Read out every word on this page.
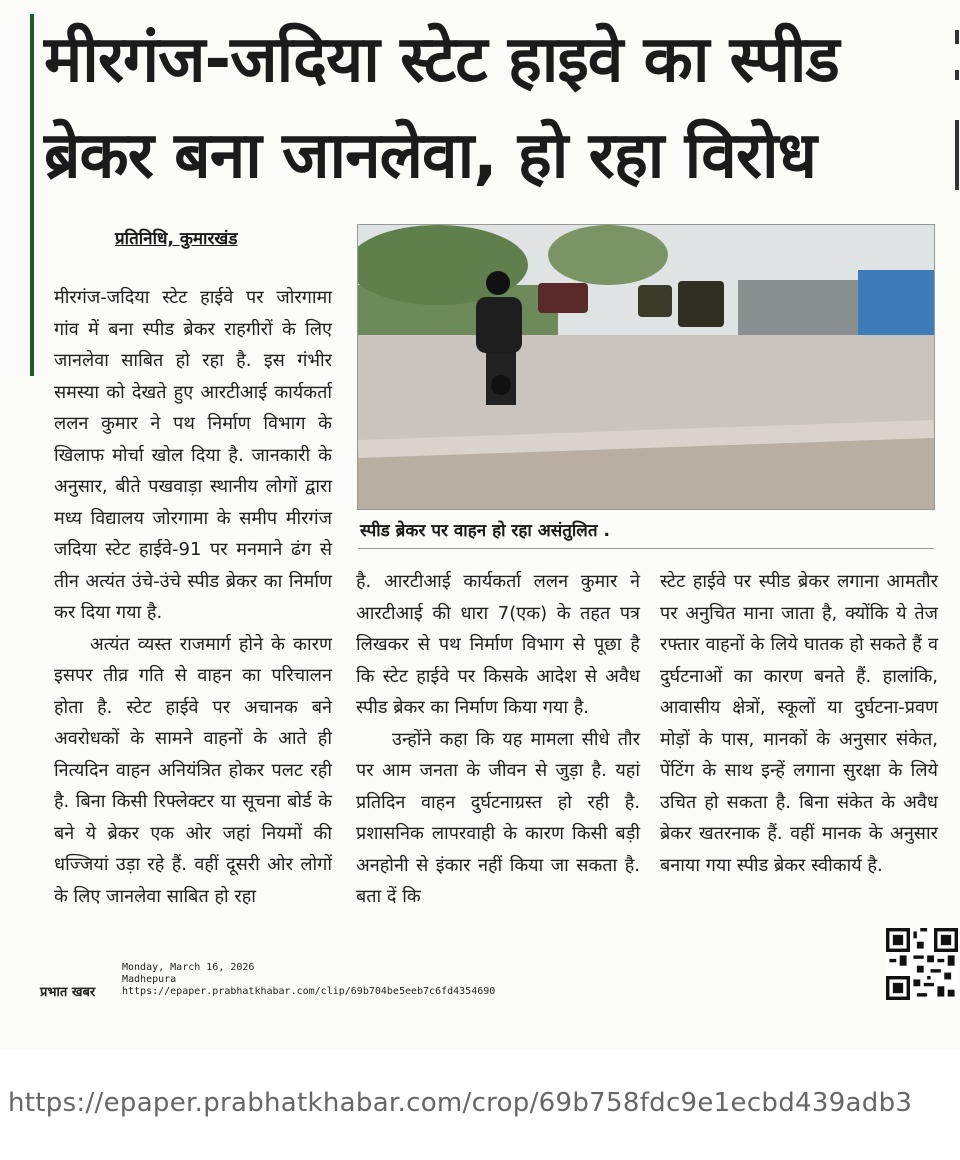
मीरगंज-जदिया स्टेट हाइवे का स्पीड
ब्रेकर बना जानलेवा, हो रहा विरोध
प्रतिनिधि, कुमारखंड

मीरगंज-जदिया स्टेट हाईवे पर जोरगामा गांव में बना स्पीड ब्रेकर राहगीरों के लिए जानलेवा साबित हो रहा है. इस गंभीर समस्या को देखते हुए आरटीआई कार्यकर्ता ललन कुमार ने पथ निर्माण विभाग के खिलाफ मोर्चा खोल दिया है. जानकारी के अनुसार, बीते पखवाड़ा स्थानीय लोगों द्वारा मध्य विद्यालय जोरगामा के समीप मीरगंज जदिया स्टेट हाईवे-91 पर मनमाने ढंग से तीन अत्यंत उंचे-उंचे स्पीड ब्रेकर का निर्माण कर दिया गया है.

अत्यंत व्यस्त राजमार्ग होने के कारण इसपर तीव्र गति से वाहन का परिचालन होता है. स्टेट हाईवे पर अचानक बने अवरोधकों के सामने वाहनों के आते ही नित्यदिन वाहन अनियंत्रित होकर पलट रही है. बिना किसी रिफ्लेक्टर या सूचना बोर्ड के बने ये ब्रेकर एक ओर जहां नियमों की धज्जियां उड़ा रहे हैं. वहीं दूसरी ओर लोगों के लिए जानलेवा साबित हो रहा

स्पीड ब्रेकर पर वाहन हो रहा असंतुलित .

है. आरटीआई कार्यकर्ता ललन कुमार ने आरटीआई की धारा 7(एक) के तहत पत्र लिखकर से पथ निर्माण विभाग से पूछा है कि स्टेट हाईवे पर किसके आदेश से अवैध स्पीड ब्रेकर का निर्माण किया गया है.

उन्होंने कहा कि यह मामला सीधे तौर पर आम जनता के जीवन से जुड़ा है. यहां प्रतिदिन वाहन दुर्घटनाग्रस्त हो रही है. प्रशासनिक लापरवाही के कारण किसी बड़ी अनहोनी से इंकार नहीं किया जा सकता है. बता दें कि

स्टेट हाईवे पर स्पीड ब्रेकर लगाना आमतौर पर अनुचित माना जाता है, क्योंकि ये तेज रफ्तार वाहनों के लिये घातक हो सकते हैं व दुर्घटनाओं का कारण बनते हैं. हालांकि, आवासीय क्षेत्रों, स्कूलों या दुर्घटना-प्रवण मोड़ों के पास, मानकों के अनुसार संकेत, पेंटिंग के साथ इन्हें लगाना सुरक्षा के लिये उचित हो सकता है. बिना संकेत के अवैध ब्रेकर खतरनाक हैं. वहीं मानक के अनुसार बनाया गया स्पीड ब्रेकर स्वीकार्य है.

प्रभात खबर
Monday, March 16, 2026
Madhepura
https://epaper.prabhatkhabar.com/clip/69b704be5eeb7c6fd4354690
https://epaper.prabhatkhabar.com/crop/69b758fdc9e1ecbd439adb3
